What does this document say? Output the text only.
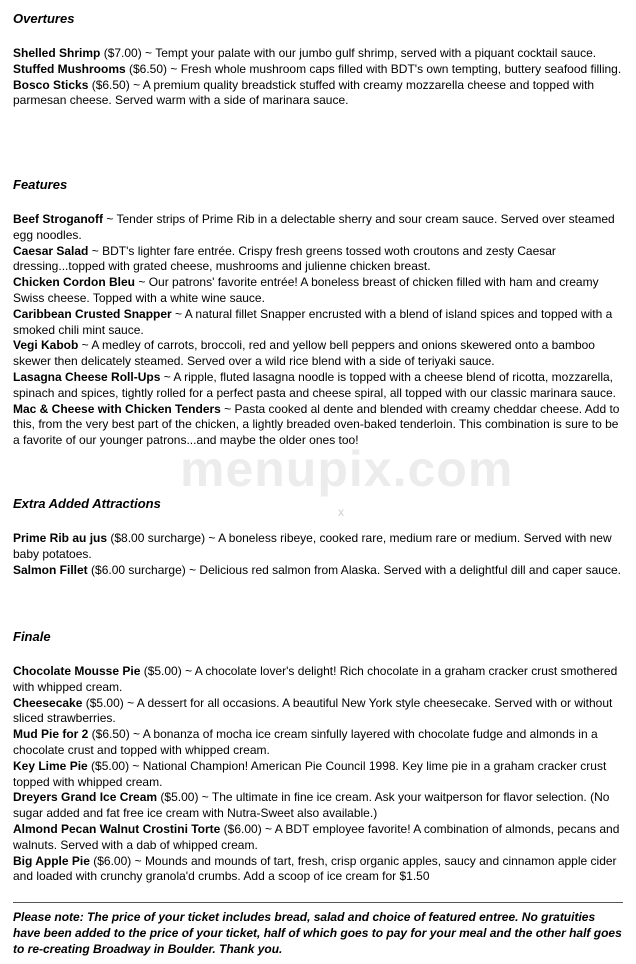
menupix.com
x
Overtures

Shelled Shrimp ($7.00) ~ Tempt your palate with our jumbo gulf shrimp, served with a piquant cocktail sauce.

Stuffed Mushrooms ($6.50) ~ Fresh whole mushroom caps filled with BDT's own tempting, buttery seafood filling.

Bosco Sticks ($6.50) ~ A premium quality breadstick stuffed with creamy mozzarella cheese and topped with parmesan cheese. Served warm with a side of marinara sauce.

Features

Beef Stroganoff ~ Tender strips of Prime Rib in a delectable sherry and sour cream sauce. Served over steamed egg noodles.

Caesar Salad ~ BDT's lighter fare entrée. Crispy fresh greens tossed woth croutons and zesty Caesar dressing...topped with grated cheese, mushrooms and julienne chicken breast.

Chicken Cordon Bleu ~ Our patrons' favorite entrée! A boneless breast of chicken filled with ham and creamy Swiss cheese. Topped with a white wine sauce.

Caribbean Crusted Snapper ~ A natural fillet Snapper encrusted with a blend of island spices and topped with a smoked chili mint sauce.

Vegi Kabob ~ A medley of carrots, broccoli, red and yellow bell peppers and onions skewered onto a bamboo skewer then delicately steamed. Served over a wild rice blend with a side of teriyaki sauce.

Lasagna Cheese Roll-Ups ~ A ripple, fluted lasagna noodle is topped with a cheese blend of ricotta, mozzarella, spinach and spices, tightly rolled for a perfect pasta and cheese spiral, all topped with our classic marinara sauce.

Mac & Cheese with Chicken Tenders ~ Pasta cooked al dente and blended with creamy cheddar cheese. Add to this, from the very best part of the chicken, a lightly breaded oven-baked tenderloin. This combination is sure to be a favorite of our younger patrons...and maybe the older ones too!

Extra Added Attractions

Prime Rib au jus ($8.00 surcharge) ~ A boneless ribeye, cooked rare, medium rare or medium. Served with new baby potatoes.

Salmon Fillet ($6.00 surcharge) ~ Delicious red salmon from Alaska. Served with a delightful dill and caper sauce.

Finale

Chocolate Mousse Pie ($5.00) ~ A chocolate lover's delight! Rich chocolate in a graham cracker crust smothered with whipped cream.

Cheesecake ($5.00) ~ A dessert for all occasions. A beautiful New York style cheesecake. Served with or without sliced strawberries.

Mud Pie for 2 ($6.50) ~ A bonanza of mocha ice cream sinfully layered with chocolate fudge and almonds in a chocolate crust and topped with whipped cream.

Key Lime Pie ($5.00) ~ National Champion! American Pie Council 1998. Key lime pie in a graham cracker crust topped with whipped cream.

Dreyers Grand Ice Cream ($5.00) ~ The ultimate in fine ice cream. Ask your waitperson for flavor selection. (No sugar added and fat free ice cream with Nutra-Sweet also available.)

Almond Pecan Walnut Crostini Torte ($6.00) ~ A BDT employee favorite! A combination of almonds, pecans and walnuts. Served with a dab of whipped cream.

Big Apple Pie ($6.00) ~ Mounds and mounds of tart, fresh, crisp organic apples, saucy and cinnamon apple cider and loaded with crunchy granola'd crumbs. Add a scoop of ice cream for $1.50

Please note: The price of your ticket includes bread, salad and choice of featured entree. No gratuities have been added to the price of your ticket, half of which goes to pay for your meal and the other half goes to re-creating Broadway in Boulder. Thank you.
